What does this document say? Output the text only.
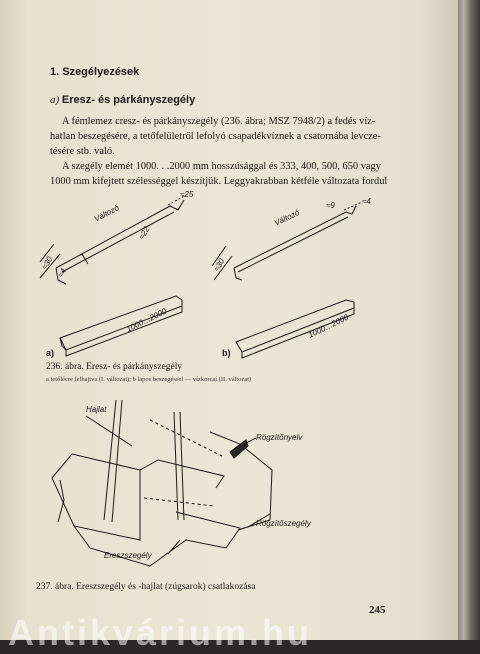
1. Szegélyezések
a) Eresz- és párkányszegély
A fémlemez cresz- és párkányszegély (236. ábra; MSZ 7948/2) a fedés víz-
hatlan beszegésére, a tetőfelületről lefolyó csapadékvíznek a csatornába levcze-
tésére stb. való.
A szegély elemét 1000. . .2000 mm hosszúsággal és 333, 400, 500, 650 vagy
1000 mm kifejtett szélességgel készítjük. Leggyakrabban kétféle változata fordul
Változó
≈25
≈22
≈30
≈4	≈30
Változó
≈9	≈4
1000…2000	1000…2000
a)	b)
Hajlat
Rögzítőnyelv
Rögzítőszegély
Ereszszegély
236. ábra. Eresz- és párkányszegély
a tetőlécre felhajtva (I. változat); b lapos beszegéssel — vízkorcaí (II. változat)
237. ábra. Ereszszegély és -hajlat (zúgsarok) csatlakozása
245
Antikvárium.hu
